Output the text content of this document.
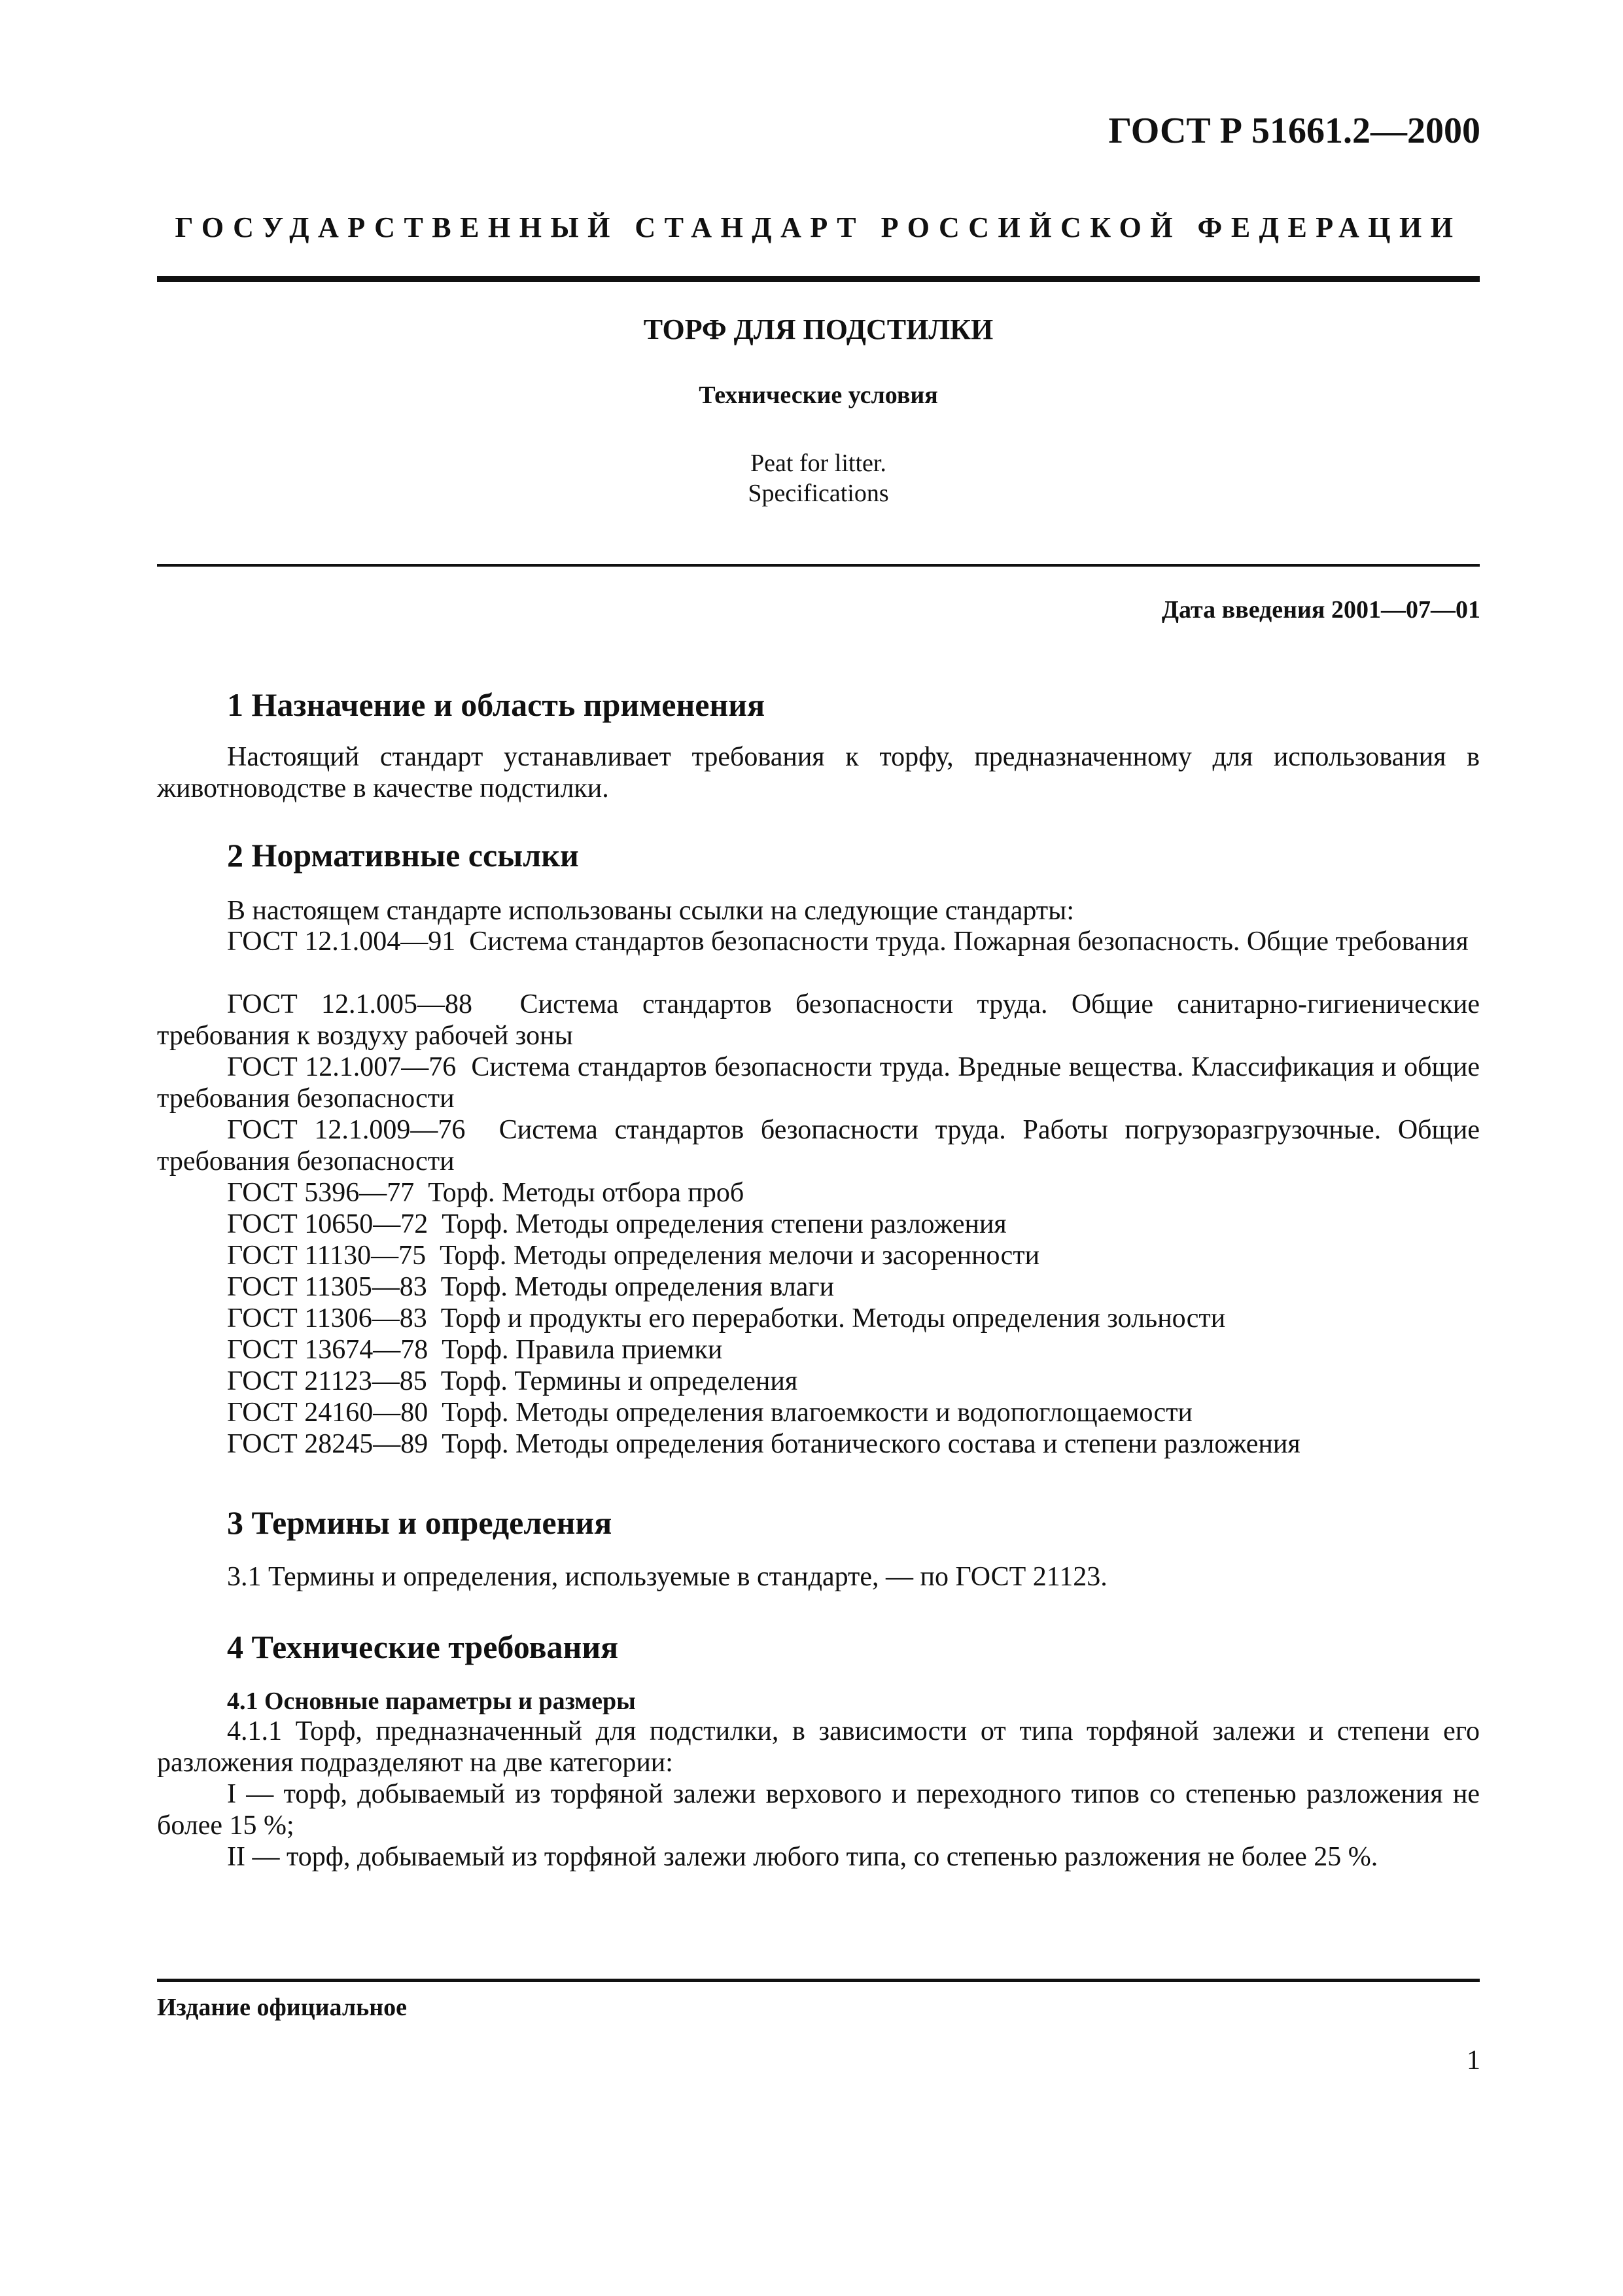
ГОСТ Р 51661.2—2000
ГОСУДАРСТВЕННЫЙ СТАНДАРТ РОССИЙСКОЙ ФЕДЕРАЦИИ
ТОРФ ДЛЯ ПОДСТИЛКИ
Технические условия
Peat for litter.
Specifications
Дата введения 2001—07—01
1 Назначение и область применения
Настоящий стандарт устанавливает требования к торфу, предназначенному для использования в животноводстве в качестве подстилки.
2 Нормативные ссылки
В настоящем стандарте использованы ссылки на следующие стандарты:
ГОСТ 12.1.004—91 Система стандартов безопасности труда. Пожарная безопасность. Общие требования
ГОСТ 12.1.005—88 Система стандартов безопасности труда. Общие санитарно-гигиенические требования к воздуху рабочей зоны
ГОСТ 12.1.007—76 Система стандартов безопасности труда. Вредные вещества. Классификация и общие требования безопасности
ГОСТ 12.1.009—76 Система стандартов безопасности труда. Работы погрузоразгрузочные. Общие требования безопасности
ГОСТ 5396—77 Торф. Методы отбора проб
ГОСТ 10650—72 Торф. Методы определения степени разложения
ГОСТ 11130—75 Торф. Методы определения мелочи и засоренности
ГОСТ 11305—83 Торф. Методы определения влаги
ГОСТ 11306—83 Торф и продукты его переработки. Методы определения зольности
ГОСТ 13674—78 Торф. Правила приемки
ГОСТ 21123—85 Торф. Термины и определения
ГОСТ 24160—80 Торф. Методы определения влагоемкости и водопоглощаемости
ГОСТ 28245—89 Торф. Методы определения ботанического состава и степени разложения
3 Термины и определения
3.1 Термины и определения, используемые в стандарте, — по ГОСТ 21123.
4 Технические требования
4.1 Основные параметры и размеры
4.1.1 Торф, предназначенный для подстилки, в зависимости от типа торфяной залежи и степени его разложения подразделяют на две категории:
I — торф, добываемый из торфяной залежи верхового и переходного типов со степенью разложения не более 15 %;
II — торф, добываемый из торфяной залежи любого типа, со степенью разложения не более 25 %.
Издание официальное
1
